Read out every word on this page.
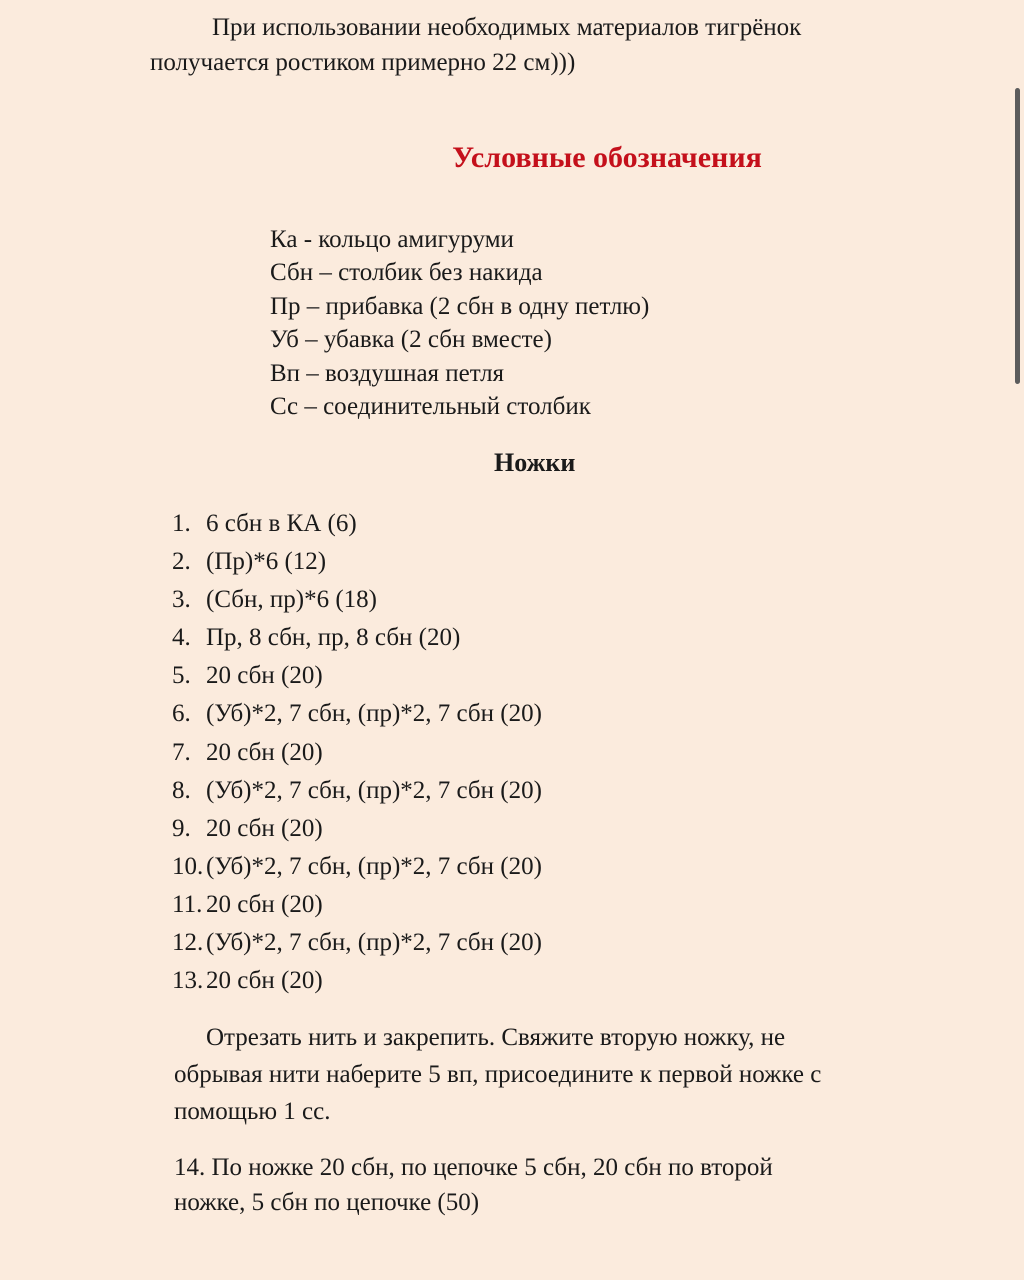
При использовании необходимых материалов тигрёнок
получается ростиком примерно 22 см)))
Условные обозначения
Ка - кольцо амигуруми
Сбн – столбик без накида
Пр – прибавка (2 сбн в одну петлю)
Уб – убавка (2 сбн вместе)
Вп – воздушная петля
Сс – соединительный столбик
Ножки
1. 6 сбн в КА (6)
2. (Пр)*6 (12)
3. (Сбн, пр)*6 (18)
4. Пр, 8 сбн, пр, 8 сбн (20)
5. 20 сбн (20)
6. (Уб)*2, 7 сбн, (пр)*2, 7 сбн (20)
7. 20 сбн (20)
8. (Уб)*2, 7 сбн, (пр)*2, 7 сбн (20)
9. 20 сбн (20)
10. (Уб)*2, 7 сбн, (пр)*2, 7 сбн (20)
11. 20 сбн (20)
12. (Уб)*2, 7 сбн, (пр)*2, 7 сбн (20)
13. 20 сбн (20)
Отрезать нить и закрепить. Свяжите вторую ножку, не
обрывая нити наберите 5 вп, присоедините к первой ножке с
помощью 1 сс.
14. По ножке 20 сбн, по цепочке 5 сбн, 20 сбн по второй
ножке, 5 сбн по цепочке (50)
